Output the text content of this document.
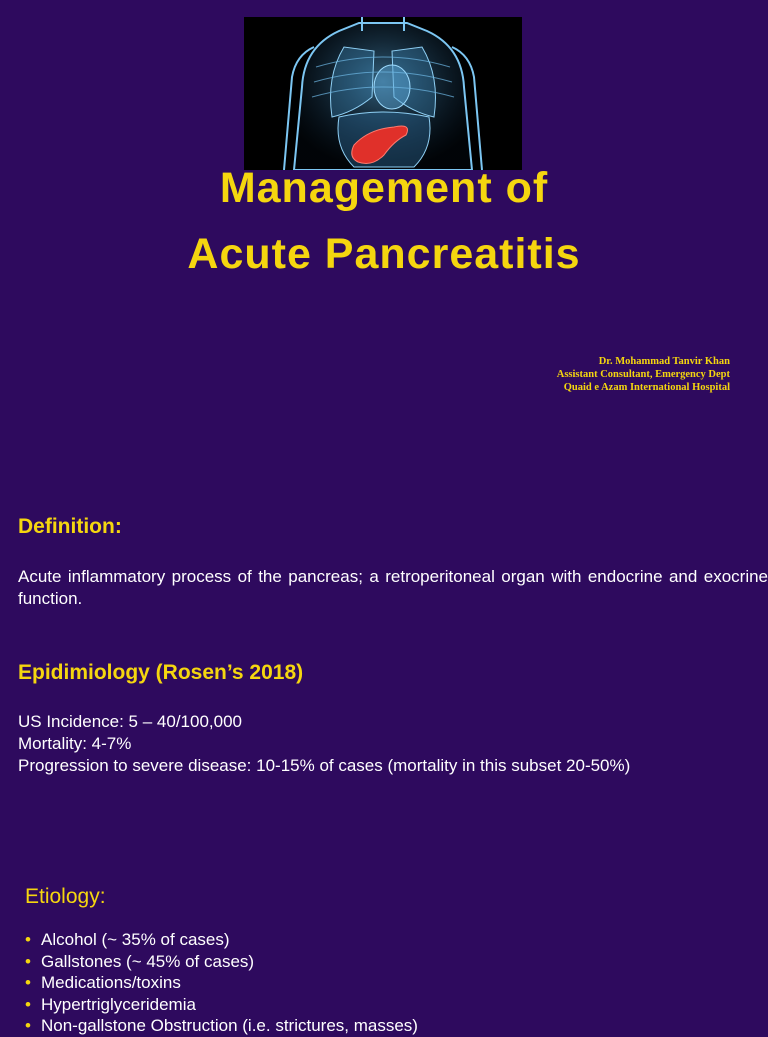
Management of
Acute Pancreatitis
Dr. Mohammad Tanvir Khan
Assistant Consultant, Emergency Dept
Quaid e Azam International Hospital
Definition:

Acute inflammatory process of the pancreas; a retroperitoneal organ with endocrine and exocrine function.

Epidimiology (Rosen’s 2018)
US Incidence: 5 – 40/100,000
Mortality: 4-7%
Progression to severe disease: 10-15% of cases (mortality in this subset 20-50%)
Etiology:
• Alcohol (~ 35% of cases)
• Gallstones (~ 45% of cases)
• Medications/toxins
• Hypertriglyceridemia
• Non-gallstone Obstruction (i.e. strictures, masses)
